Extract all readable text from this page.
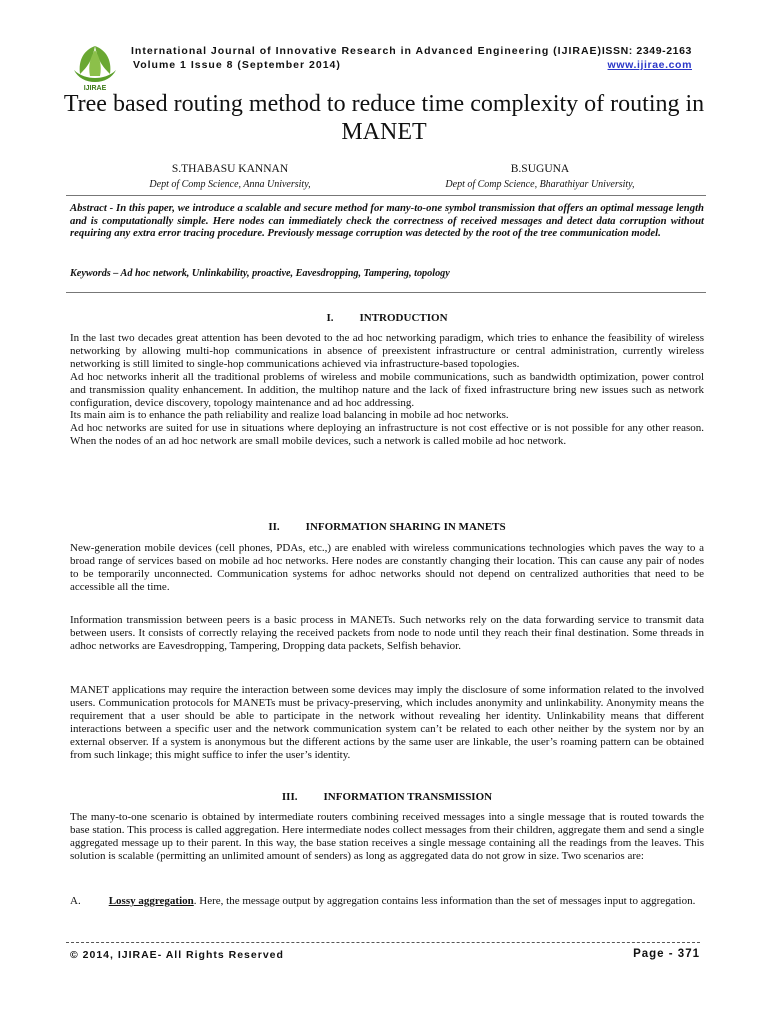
IJIRAE
International Journal of Innovative Research in Advanced Engineering (IJIRAE)
Volume 1 Issue 8 (September 2014)
ISSN: 2349-2163
www.ijirae.com
Tree based routing method to reduce time complexity of routing in MANET
S.THABASU KANNAN
Dept of Comp Science, Anna University,
B.SUGUNA
Dept of Comp Science, Bharathiyar University,
Abstract - In this paper, we introduce a scalable and secure method for many-to-one symbol transmission that offers an optimal message length and is computationally simple. Here nodes can immediately check the correctness of received messages and detect data corruption without requiring any extra error tracing procedure. Previously message corruption was detected by the root of the tree communication model.
Keywords – Ad hoc network, Unlinkability, proactive, Eavesdropping, Tampering, topology
I. INTRODUCTION

In the last two decades great attention has been devoted to the ad hoc networking paradigm, which tries to enhance the feasibility of wireless networking by allowing multi-hop communications in absence of preexistent infrastructure or central administration, currently wireless networking is still limited to single-hop communications achieved via infrastructure-based topologies.

Ad hoc networks inherit all the traditional problems of wireless and mobile communications, such as bandwidth optimization, power control and transmission quality enhancement. In addition, the multihop nature and the lack of fixed infrastructure bring new issues such as network configuration, device discovery, topology maintenance and ad hoc addressing.

Its main aim is to enhance the path reliability and realize load balancing in mobile ad hoc networks.

Ad hoc networks are suited for use in situations where deploying an infrastructure is not cost effective or is not possible for any other reason. When the nodes of an ad hoc network are small mobile devices, such a network is called mobile ad hoc network.

II. INFORMATION SHARING IN MANETS
New-generation mobile devices (cell phones, PDAs, etc.,) are enabled with wireless communications technologies which paves the way to a broad range of services based on mobile ad hoc networks. Here nodes are constantly changing their location. This can cause any pair of nodes to be temporarily unconnected. Communication systems for adhoc networks should not depend on centralized authorities that need to be accessible all the time.
Information transmission between peers is a basic process in MANETs. Such networks rely on the data forwarding service to transmit data between users. It consists of correctly relaying the received packets from node to node until they reach their final destination. Some threads in adhoc networks are Eavesdropping, Tampering, Dropping data packets, Selfish behavior.
MANET applications may require the interaction between some devices may imply the disclosure of some information related to the involved users. Communication protocols for MANETs must be privacy-preserving, which includes anonymity and unlinkability. Anonymity means the requirement that a user should be able to participate in the network without revealing her identity. Unlinkability means that different interactions between a specific user and the network communication system can’t be related to each other neither by the system nor by an external observer. If a system is anonymous but the different actions by the same user are linkable, the user’s roaming pattern can be obtained from such linkage; this might suffice to infer the user’s identity.
III. INFORMATION TRANSMISSION
The many-to-one scenario is obtained by intermediate routers combining received messages into a single message that is routed towards the base station. This process is called aggregation. Here intermediate nodes collect messages from their children, aggregate them and send a single aggregated message up to their parent. In this way, the base station receives a single message containing all the readings from the leaves. This solution is scalable (permitting an unlimited amount of senders) as long as aggregated data do not grow in size. Two scenarios are:
A.	Lossy aggregation. Here, the message output by aggregation contains less information than the set of messages input to aggregation.
© 2014, IJIRAE- All Rights Reserved	Page - 371
